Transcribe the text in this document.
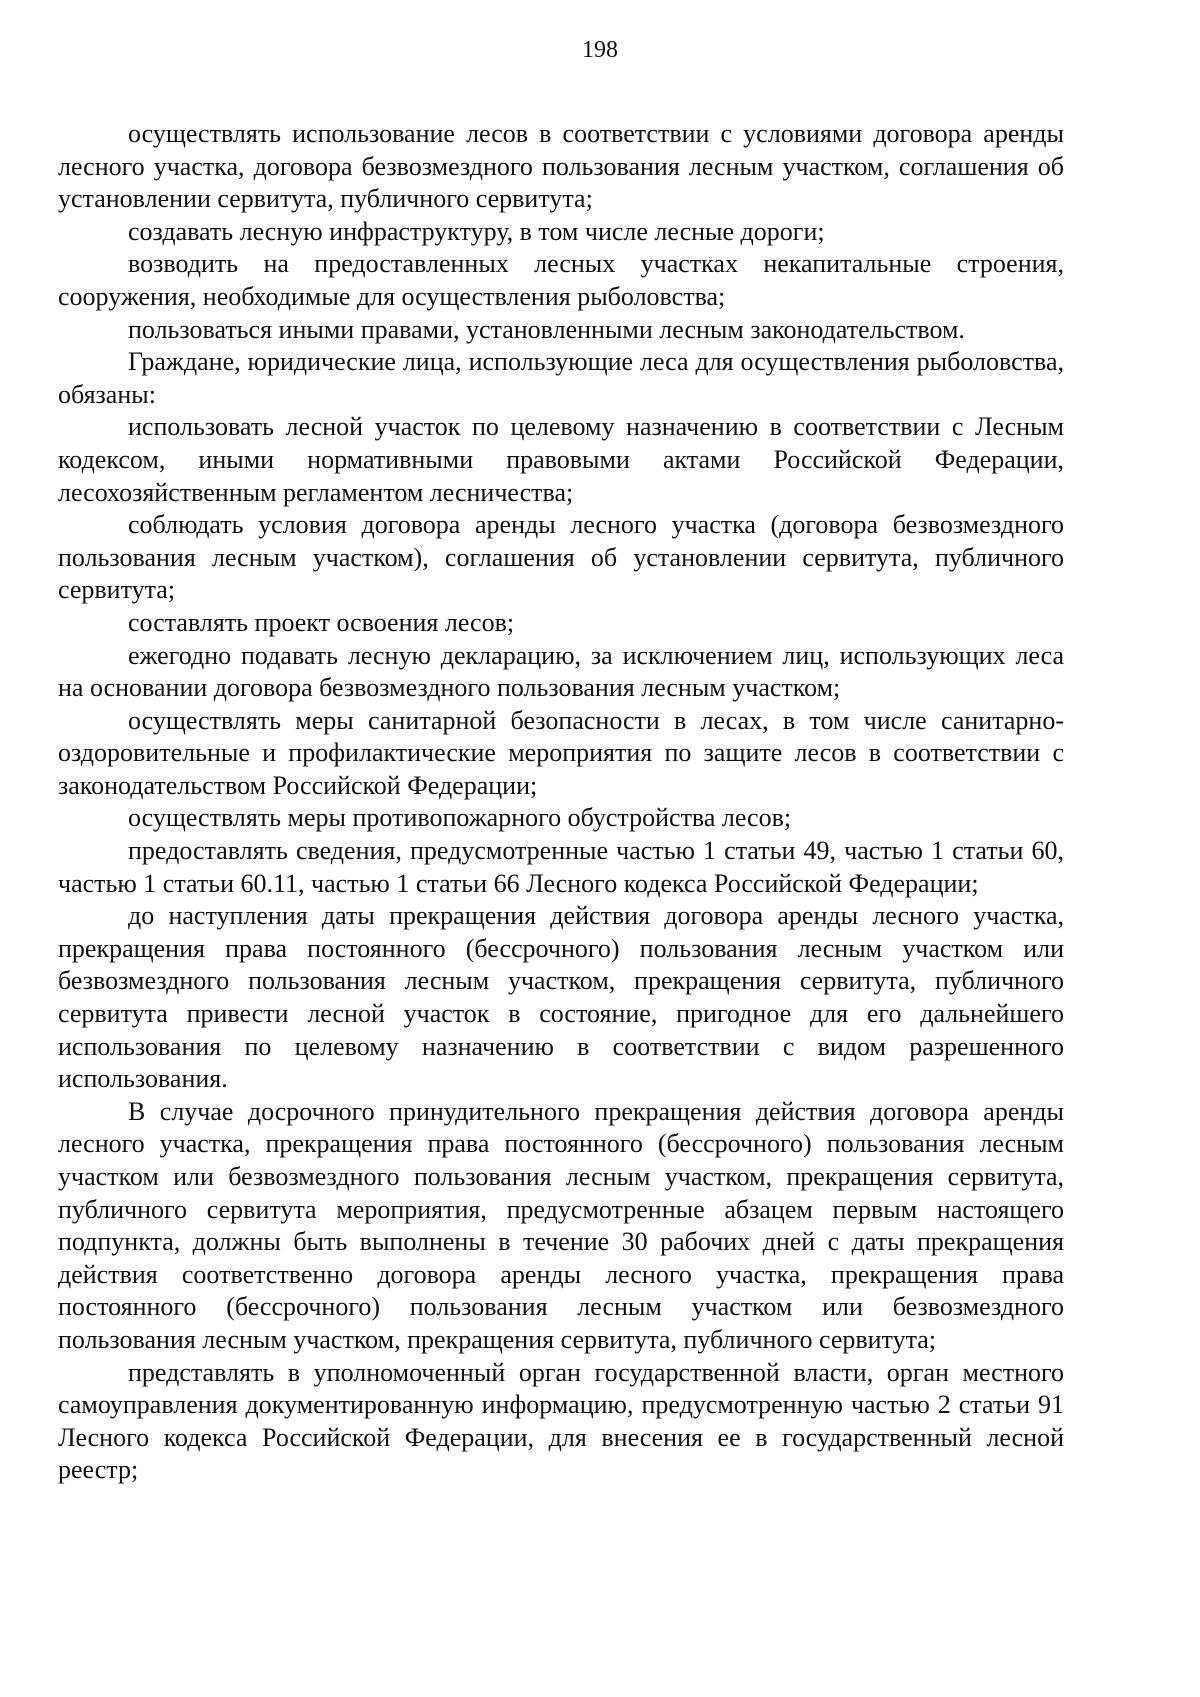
198

осуществлять использование лесов в соответствии с условиями договора аренды лесного участка, договора безвозмездного пользования лесным участком, соглашения об установлении сервитута, публичного сервитута;

создавать лесную инфраструктуру, в том числе лесные дороги;

возводить на предоставленных лесных участках некапитальные строения, сооружения, необходимые для осуществления рыболовства;

пользоваться иными правами, установленными лесным законодательством.

Граждане, юридические лица, использующие леса для осуществления рыболовства, обязаны:

использовать лесной участок по целевому назначению в соответствии с Лесным кодексом, иными нормативными правовыми актами Российской Федерации, лесохозяйственным регламентом лесничества;

соблюдать условия договора аренды лесного участка (договора безвозмездного пользования лесным участком), соглашения об установлении сервитута, публичного сервитута;

составлять проект освоения лесов;

ежегодно подавать лесную декларацию, за исключением лиц, использующих леса на основании договора безвозмездного пользования лесным участком;

осуществлять меры санитарной безопасности в лесах, в том числе санитарно-оздоровительные и профилактические мероприятия по защите лесов в соответствии с законодательством Российской Федерации;

осуществлять меры противопожарного обустройства лесов;

предоставлять сведения, предусмотренные частью 1 статьи 49, частью 1 статьи 60, частью 1 статьи 60.11, частью 1 статьи 66 Лесного кодекса Российской Федерации;

до наступления даты прекращения действия договора аренды лесного участка, прекращения права постоянного (бессрочного) пользования лесным участком или безвозмездного пользования лесным участком, прекращения сервитута, публичного сервитута привести лесной участок в состояние, пригодное для его дальнейшего использования по целевому назначению в соответствии с видом разрешенного использования.

В случае досрочного принудительного прекращения действия договора аренды лесного участка, прекращения права постоянного (бессрочного) пользования лесным участком или безвозмездного пользования лесным участком, прекращения сервитута, публичного сервитута мероприятия, предусмотренные абзацем первым настоящего подпункта, должны быть выполнены в течение 30 рабочих дней с даты прекращения действия соответственно договора аренды лесного участка, прекращения права постоянного (бессрочного) пользования лесным участком или безвозмездного пользования лесным участком, прекращения сервитута, публичного сервитута;

представлять в уполномоченный орган государственной власти, орган местного самоуправления документированную информацию, предусмотренную частью 2 статьи 91 Лесного кодекса Российской Федерации, для внесения ее в государственный лесной реестр;
